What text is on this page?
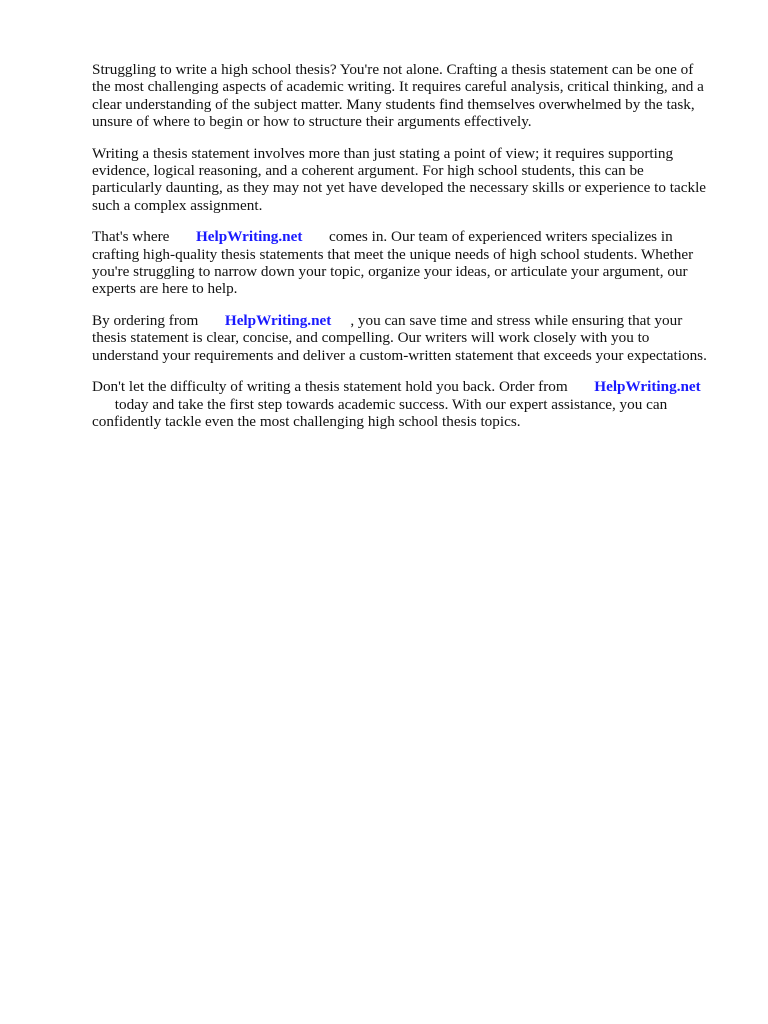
Struggling to write a high school thesis? You're not alone. Crafting a thesis statement can be one of
the most challenging aspects of academic writing. It requires careful analysis, critical thinking, and a
clear understanding of the subject matter. Many students find themselves overwhelmed by the task,
unsure of where to begin or how to structure their arguments effectively.

Writing a thesis statement involves more than just stating a point of view; it requires supporting
evidence, logical reasoning, and a coherent argument. For high school students, this can be
particularly daunting, as they may not yet have developed the necessary skills or experience to tackle
such a complex assignment.

That's where       HelpWriting.net       comes in. Our team of experienced writers specializes in
crafting high-quality thesis statements that meet the unique needs of high school students. Whether
you're struggling to narrow down your topic, organize your ideas, or articulate your argument, our
experts are here to help.

By ordering from       HelpWriting.net     , you can save time and stress while ensuring that your
thesis statement is clear, concise, and compelling. Our writers will work closely with you to
understand your requirements and deliver a custom-written statement that exceeds your expectations.

Don't let the difficulty of writing a thesis statement hold you back. Order from       HelpWriting.net
today and take the first step towards academic success. With our expert assistance, you can
confidently tackle even the most challenging high school thesis topics.
